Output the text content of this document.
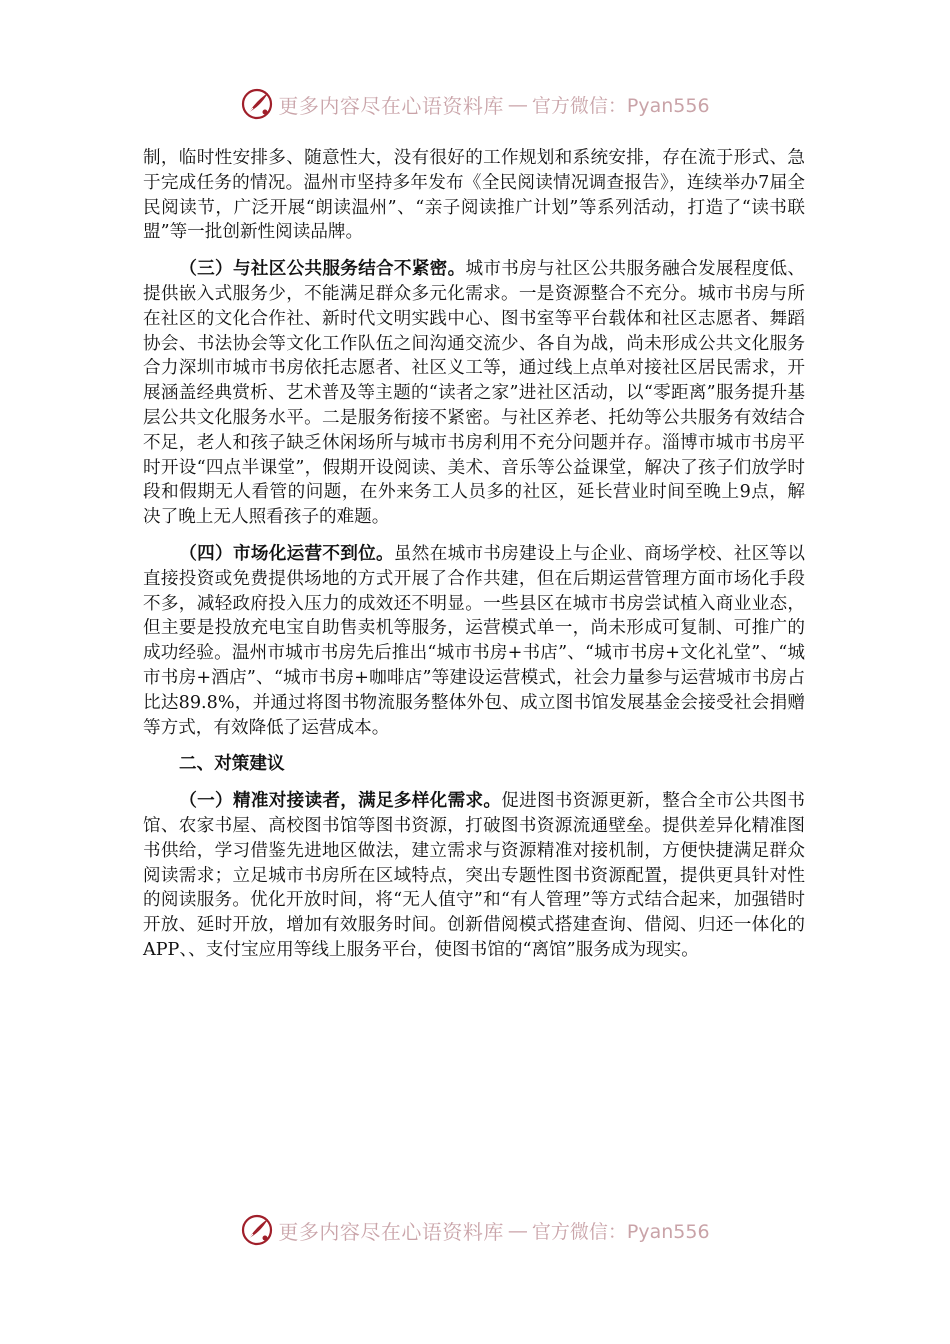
更多内容尽在心语资料库 — 官方微信：Pyan556

制，临时性安排多、随意性大，没有很好的工作规划和系统安排，存在流于形式、急于完成任务的情况。温州市坚持多年发布《全民阅读情况调查报告》，连续举办7届全民阅读节，广泛开展“朗读温州”、“亲子阅读推广计划”等系列活动，打造了“读书联盟”等一批创新性阅读品牌。

（三）与社区公共服务结合不紧密。城市书房与社区公共服务融合发展程度低、提供嵌入式服务少，不能满足群众多元化需求。一是资源整合不充分。城市书房与所在社区的文化合作社、新时代文明实践中心、图书室等平台载体和社区志愿者、舞蹈协会、书法协会等文化工作队伍之间沟通交流少、各自为战，尚未形成公共文化服务合力深圳市城市书房依托志愿者、社区义工等，通过线上点单对接社区居民需求，开展涵盖经典赏析、艺术普及等主题的“读者之家”进社区活动，以“零距离”服务提升基层公共文化服务水平。二是服务衔接不紧密。与社区养老、托幼等公共服务有效结合不足，老人和孩子缺乏休闲场所与城市书房利用不充分问题并存。淄博市城市书房平时开设“四点半课堂”，假期开设阅读、美术、音乐等公益课堂，解决了孩子们放学时段和假期无人看管的问题，在外来务工人员多的社区，延长营业时间至晚上9点，解决了晚上无人照看孩子的难题。

（四）市场化运营不到位。虽然在城市书房建设上与企业、商场学校、社区等以直接投资或免费提供场地的方式开展了合作共建，但在后期运营管理方面市场化手段不多，减轻政府投入压力的成效还不明显。一些县区在城市书房尝试植入商业业态，但主要是投放充电宝自助售卖机等服务，运营模式单一，尚未形成可复制、可推广的成功经验。温州市城市书房先后推出“城市书房+书店”、“城市书房+文化礼堂”、“城市书房+酒店”、“城市书房+咖啡店”等建设运营模式，社会力量参与运营城市书房占比达89.8%，并通过将图书物流服务整体外包、成立图书馆发展基金会接受社会捐赠等方式，有效降低了运营成本。

二、对策建议

（一）精准对接读者，满足多样化需求。促进图书资源更新，整合全市公共图书馆、农家书屋、高校图书馆等图书资源，打破图书资源流通壁垒。提供差异化精准图书供给，学习借鉴先进地区做法，建立需求与资源精准对接机制，方便快捷满足群众阅读需求；立足城市书房所在区域特点，突出专题性图书资源配置，提供更具针对性的阅读服务。优化开放时间，将“无人值守”和“有人管理”等方式结合起来，加强错时开放、延时开放，增加有效服务时间。创新借阅模式搭建查询、借阅、归还一体化的APP、、支付宝应用等线上服务平台，使图书馆的“离馆”服务成为现实。

更多内容尽在心语资料库 — 官方微信：Pyan556
